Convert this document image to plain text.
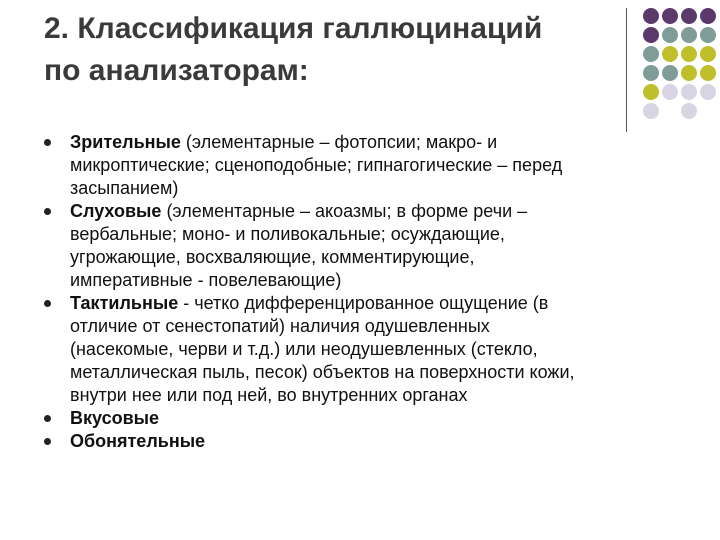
2. Классификация галлюцинаций
по анализаторам:
Зрительные (элементарные – фотопсии; макро- и
микроптические; сценоподобные; гипнагогические – перед
засыпанием)
Слуховые (элементарные – акоазмы; в форме речи –
вербальные; моно- и поливокальные; осуждающие,
угрожающие, восхваляющие, комментирующие,
императивные - повелевающие)
Тактильные - четко дифференцированное ощущение (в
отличие от сенестопатий) наличия одушевленных
(насекомые, черви и т.д.) или неодушевленных (стекло,
металлическая пыль, песок) объектов на поверхности кожи,
внутри нее или под ней, во внутренних органах
Вкусовые
Обонятельные
